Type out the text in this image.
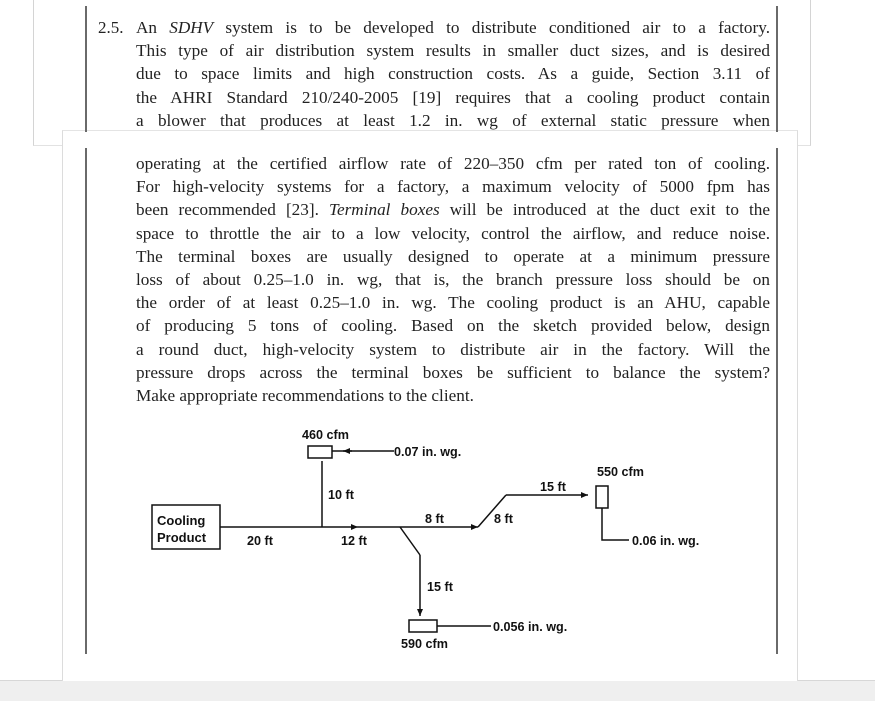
2.5. An SDHV system is to be developed to distribute conditioned air to a factory.
This type of air distribution system results in smaller duct sizes, and is desired
due to space limits and high construction costs. As a guide, Section 3.11 of
the AHRI Standard 210/240-2005 [19] requires that a cooling product contain
a blower that produces at least 1.2 in. wg of external static pressure when
operating at the certified airflow rate of 220–350 cfm per rated ton of cooling.
For high-velocity systems for a factory, a maximum velocity of 5000 fpm has
been recommended [23]. Terminal boxes will be introduced at the duct exit to the
space to throttle the air to a low velocity, control the airflow, and reduce noise.
The terminal boxes are usually designed to operate at a minimum pressure
loss of about 0.25–1.0 in. wg, that is, the branch pressure loss should be on
the order of at least 0.25–1.0 in. wg. The cooling product is an AHU, capable
of producing 5 tons of cooling. Based on the sketch provided below, design
a round duct, high-velocity system to distribute air in the factory. Will the
pressure drops across the terminal boxes be sufficient to balance the system?
Make appropriate recommendations to the client.
Cooling
Product
460 cfm
0.07 in. wg.
550 cfm
20 ft
10 ft
12 ft
8 ft	8 ft
15 ft
15 ft
0.06 in. wg.
0.056 in. wg.
590 cfm
